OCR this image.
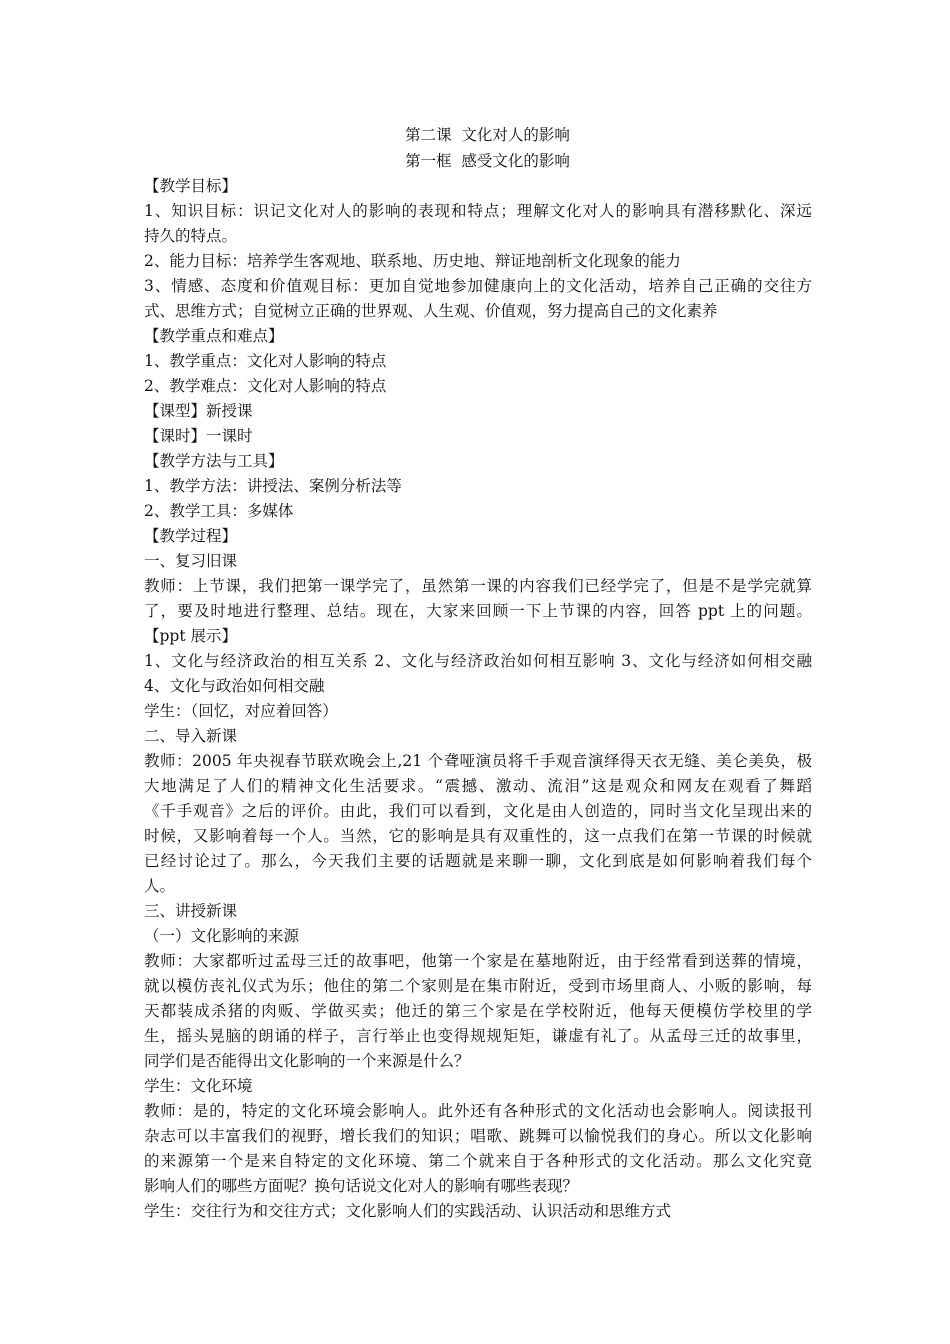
第二课  文化对人的影响
第一框  感受文化的影响
【教学目标】
1、知识目标：识记文化对人的影响的表现和特点；理解文化对人的影响具有潜移默化、深远
持久的特点。
2、能力目标：培养学生客观地、联系地、历史地、辩证地剖析文化现象的能力
3、情感、态度和价值观目标：更加自觉地参加健康向上的文化活动，培养自己正确的交往方
式、思维方式；自觉树立正确的世界观、人生观、价值观，努力提高自己的文化素养
【教学重点和难点】
1、教学重点：文化对人影响的特点
2、教学难点：文化对人影响的特点
【课型】新授课
【课时】一课时
【教学方法与工具】
1、教学方法：讲授法、案例分析法等
2、教学工具：多媒体
【教学过程】
一、复习旧课
教师：上节课，我们把第一课学完了，虽然第一课的内容我们已经学完了，但是不是学完就算
了，要及时地进行整理、总结。现在，大家来回顾一下上节课的内容，回答 ppt 上的问题。
【ppt 展示】
1、文化与经济政治的相互关系 2、文化与经济政治如何相互影响 3、文化与经济如何相交融
4、文化与政治如何相交融
学生：（回忆，对应着回答）
二、导入新课
教师：2005 年央视春节联欢晚会上,21 个聋哑演员将千手观音演绎得天衣无缝、美仑美奂，极
大地满足了人们的精神文化生活要求。“震撼、激动、流泪”这是观众和网友在观看了舞蹈
《千手观音》之后的评价。由此，我们可以看到，文化是由人创造的，同时当文化呈现出来的
时候，又影响着每一个人。当然，它的影响是具有双重性的，这一点我们在第一节课的时候就
已经讨论过了。那么，今天我们主要的话题就是来聊一聊，文化到底是如何影响着我们每个
人。
三、讲授新课
（一）文化影响的来源
教师：大家都听过孟母三迁的故事吧，他第一个家是在墓地附近，由于经常看到送葬的情境，
就以模仿丧礼仪式为乐；他住的第二个家则是在集市附近，受到市场里商人、小贩的影响，每
天都装成杀猪的肉贩、学做买卖；他迁的第三个家是在学校附近，他每天便模仿学校里的学
生，摇头晃脑的朗诵的样子，言行举止也变得规规矩矩，谦虚有礼了。从孟母三迁的故事里，
同学们是否能得出文化影响的一个来源是什么？
学生：文化环境
教师：是的，特定的文化环境会影响人。此外还有各种形式的文化活动也会影响人。阅读报刊
杂志可以丰富我们的视野，增长我们的知识；唱歌、跳舞可以愉悦我们的身心。所以文化影响
的来源第一个是来自特定的文化环境、第二个就来自于各种形式的文化活动。那么文化究竟
影响人们的哪些方面呢？换句话说文化对人的影响有哪些表现？
学生：交往行为和交往方式；文化影响人们的实践活动、认识活动和思维方式
